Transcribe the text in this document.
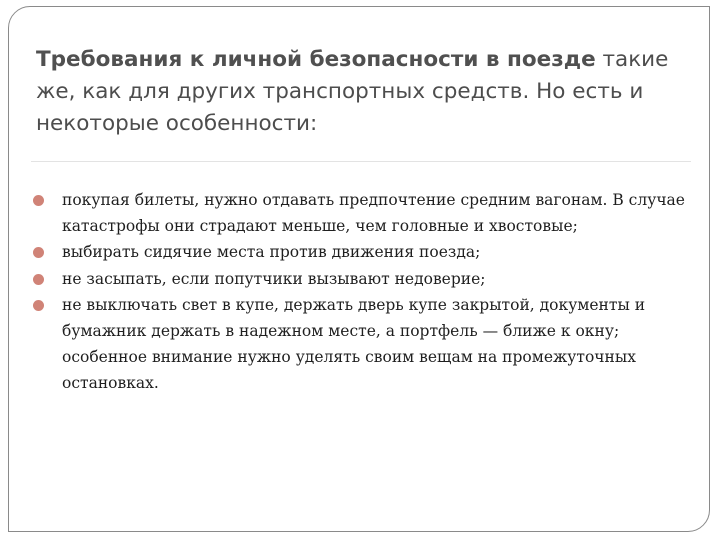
Требования к личной безопасности в поезде такие же, как для других транспортных средств. Но есть и некоторые особенности:

покупая билеты, нужно отдавать предпочтение средним вагонам. В случае катастрофы они страдают меньше, чем головные и хвостовые;
выбирать сидячие места против движения поезда;
не засыпать, если попутчики вызывают недоверие;
не выключать свет в купе, держать дверь купе закрытой, документы и бумажник держать в надежном месте, а портфель — ближе к окну; особенное внимание нужно уделять своим вещам на промежуточных остановках.
